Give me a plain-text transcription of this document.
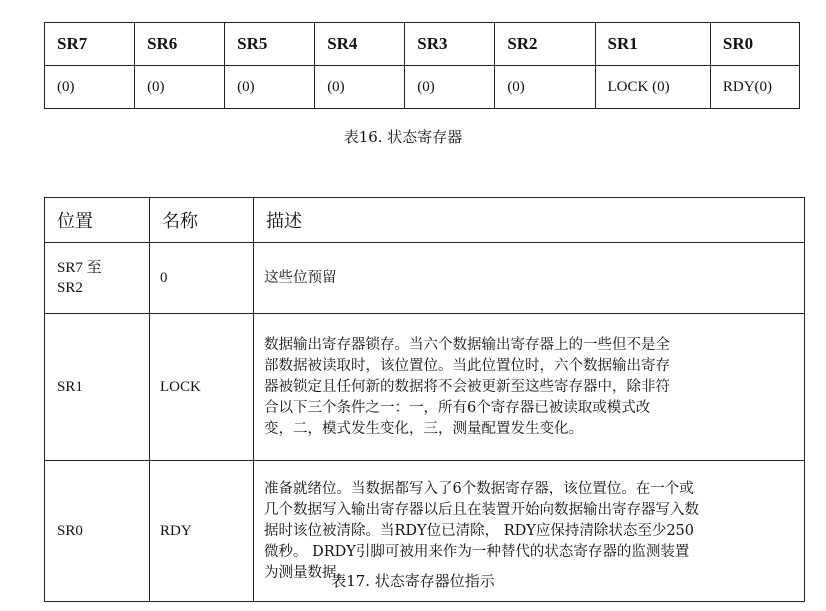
SR7	SR6	SR5	SR4	SR3	SR2	SR1	SR0
(0)	(0)	(0)	(0)	(0)	(0)	LOCK (0)	RDY(0)
表16. 状态寄存器
位置	名称	描述

SR7 至
SR2	0	这些位预留

SR1	LOCK	数据输出寄存器锁存。当六个数据输出寄存器上的一些但不是全
部数据被读取时，该位置位。当此位置位时，六个数据输出寄存
器被锁定且任何新的数据将不会被更新至这些寄存器中，除非符
合以下三个条件之一：一，所有6个寄存器已被读取或模式改
变，二，模式发生变化，三，测量配置发生变化。

SR0	RDY	准备就绪位。当数据都写入了6个数据寄存器，该位置位。在一个或
几个数据写入输出寄存器以后且在装置开始向数据输出寄存器写入数
据时该位被清除。当RDY位已清除， RDY应保持清除状态至少250
微秒。 DRDY引脚可被用来作为一种替代的状态寄存器的监测装置
为测量数据。
表17. 状态寄存器位指示
